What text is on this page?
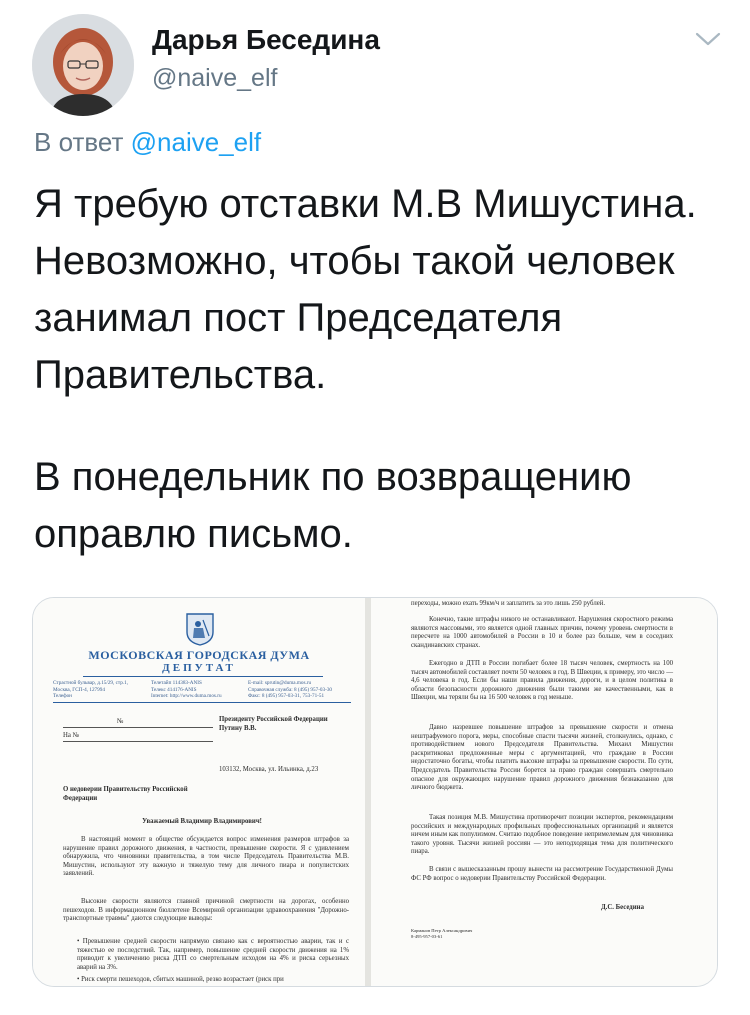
Дарья Беседина
@naive_elf
В ответ @naive_elf
Я требую отставки М.В Мишустина. Невозможно, чтобы такой человек занимал пост Председателя Правительства.
В понедельник по возвращению оправлю письмо.
МОСКОВСКАЯ ГОРОДСКАЯ ДУМА
ДЕПУТАТ
Страстной бульвар, д.15/29, стр.1,
Москва, ГСП-4, 127994
Телефон
Телетайп 114383-ANIS
Телекс 414176-ANIS
Internet: http://www.duma.mos.ru
E-mail: sprutin@duma.mos.ru
Справочная служба: 8 (495) 957-03-30
Факс: 8 (495) 957-03-31, 753-71-51
№
На №
Президенту Российской Федерации Путину В.В.
103132, Москва, ул. Ильинка, д.23
О недоверии Правительству Российской Федерации
Уважаемый Владимир Владимирович!
В настоящий момент в обществе обсуждается вопрос изменения размеров штрафов за нарушение правил дорожного движения, в частности, превышение скорости. Я с удивлением обнаружила, что чиновники правительства, в том числе Председатель Правительства М.В. Мишустин, используют эту важную и тяжелую тему для личного пиара и популистских заявлений.
Высокие скорости являются главной причиной смертности на дорогах, особенно пешеходов. В информационном бюллетене Всемирной организации здравоохранения "Дорожно-транспортные травмы" даются следующие выводы:
• Превышение средней скорости напрямую связано как с вероятностью аварии, так и с тяжестью ее последствий. Так, например, повышение средней скорости движения на 1% приводит к увеличению риска ДТП со смертельным исходом на 4% и риска серьезных аварий на 3%.
• Риск смерти пешеходов, сбитых машиной, резко возрастает (риск при
переходы, можно ехать 99км/ч и заплатить за это лишь 250 рублей.
Конечно, такие штрафы никого не останавливают. Нарушения скоростного режима являются массовыми, это является одной главных причин, почему уровень смертности в пересчете на 1000 автомобилей в России в 10 и более раз больше, чем в соседних скандинавских странах.
Ежегодно в ДТП в России погибает более 18 тысяч человек, смертность на 100 тысяч автомобилей составляет почти 50 человек в год. В Швеции, к примеру, это число — 4,6 человека в год. Если бы наши правила движения, дороги, и в целом политика в области безопасности дорожного движения были такими же качественными, как в Швеции, мы теряли бы на 16 500 человек в год меньше.
Давно назревшее повышение штрафов за превышение скорости и отмена нештрафуемого порога, меры, способные спасти тысячи жизней, столкнулись, однако, с противодействием нового Председателя Правительства. Михаил Мишустин раскритиковал предложенные меры с аргументацией, что граждане в России недостаточно богаты, чтобы платить высокие штрафы за превышение скорости. По сути, Председатель Правительства России борется за право граждан совершать смертельно опасное для окружающих нарушение правил дорожного движения безнаказанно для личного бюджета.
Такая позиция М.В. Мишустина противоречит позиции экспертов, рекомендациям российских и международных профильных профессиональных организаций и является ничем иным как популизмом. Считаю подобное поведение непримелемым для чиновника такого уровня. Тысячи жизней россиян — это неподходящая тема для политического пиара.
В связи с вышесказанным прошу вынести на рассмотрение Государственной Думы ФС РФ вопрос о недоверии Правительству Российской Федерации.
Д.С. Беседина
Карманов Петр Александрович
8-495-957-03-61
